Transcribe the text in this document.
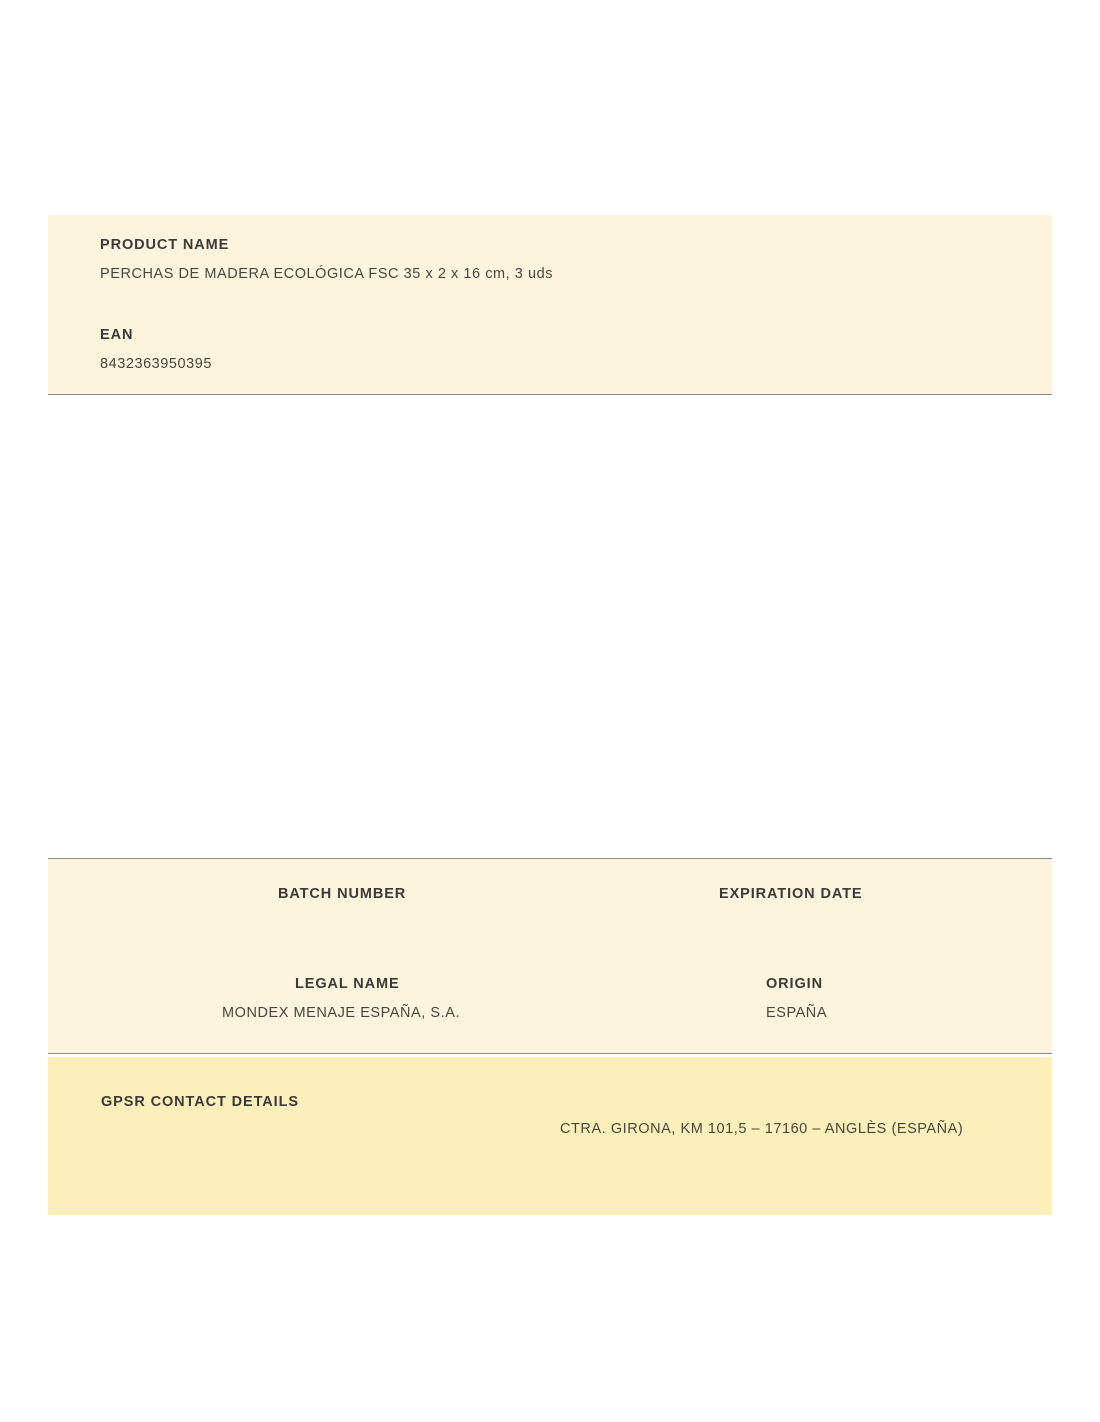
PRODUCT NAME
PERCHAS DE MADERA ECOLÓGICA FSC 35 x 2 x 16 cm, 3 uds
EAN
8432363950395
BATCH NUMBER
LEGAL NAME
MONDEX MENAJE ESPAÑA, S.A.
EXPIRATION DATE
ORIGIN
ESPAÑA
GPSR CONTACT DETAILS
CTRA. GIRONA, KM 101,5 – 17160 – ANGLÈS (ESPAÑA)
